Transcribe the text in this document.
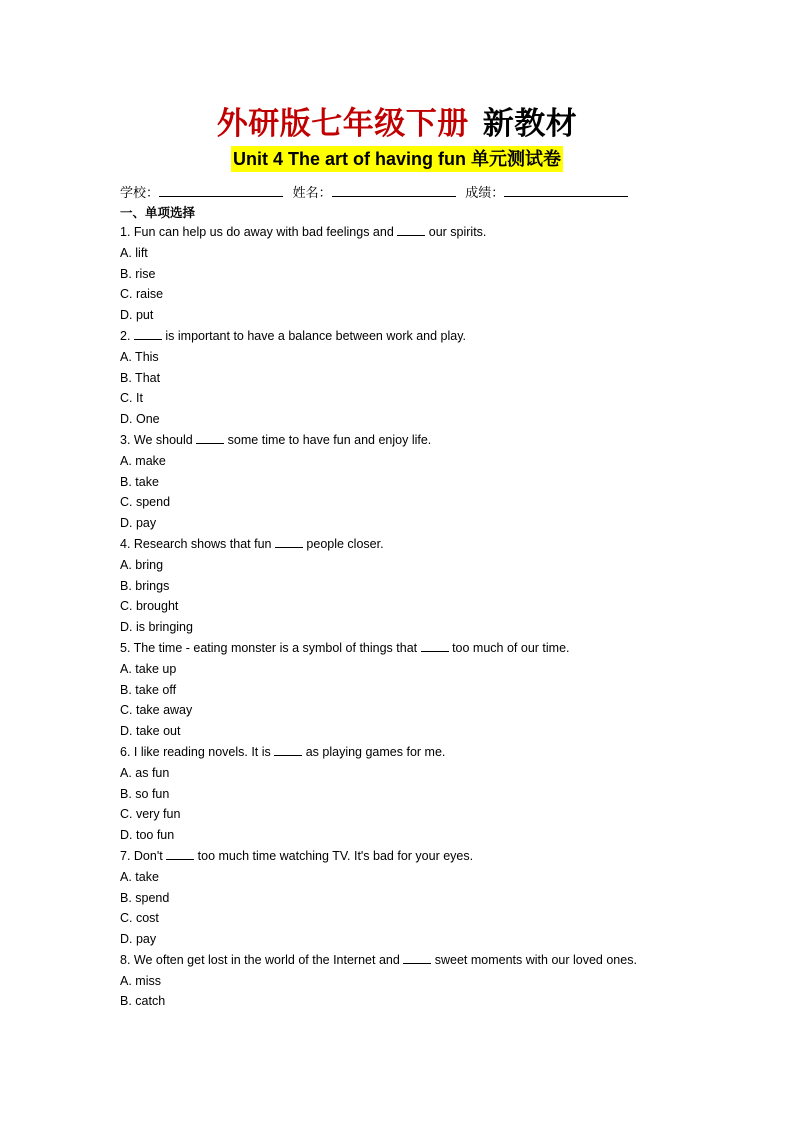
外研版七年级下册 新教材
Unit 4 The art of having fun 单元测试卷
学校：	姓名：	成绩：
一、单项选择
1. Fun can help us do away with bad feelings and  our spirits.
A. lift
B. rise
C. raise
D. put
2.  is important to have a balance between work and play.
A. This
B. That
C. It
D. One
3. We should  some time to have fun and enjoy life.
A. make
B. take
C. spend
D. pay
4. Research shows that fun  people closer.
A. bring
B. brings
C. brought
D. is bringing
5. The time - eating monster is a symbol of things that  too much of our time.
A. take up
B. take off
C. take away
D. take out
6. I like reading novels. It is  as playing games for me.
A. as fun
B. so fun
C. very fun
D. too fun
7. Don't  too much time watching TV. It's bad for your eyes.
A. take
B. spend
C. cost
D. pay
8. We often get lost in the world of the Internet and  sweet moments with our loved ones.
A. miss
B. catch
